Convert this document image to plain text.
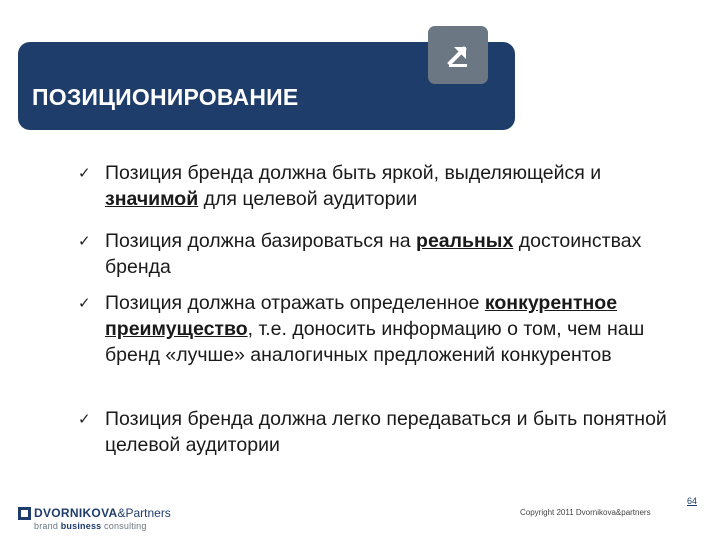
ПОЗИЦИОНИРОВАНИЕ
✓ Позиция бренда должна быть яркой, выделяющейся и значимой для целевой аудитории
✓ Позиция должна базироваться на реальных достоинствах бренда
✓ Позиция должна отражать определенное конкурентное преимущество, т.е. доносить информацию о том, чем наш бренд «лучше» аналогичных предложений конкурентов
✓ Позиция бренда должна легко передаваться и быть понятной целевой аудитории
DVORNIKOVA &Partners
brand business consulting
Copyright 2011 Dvornikova&partners
64
